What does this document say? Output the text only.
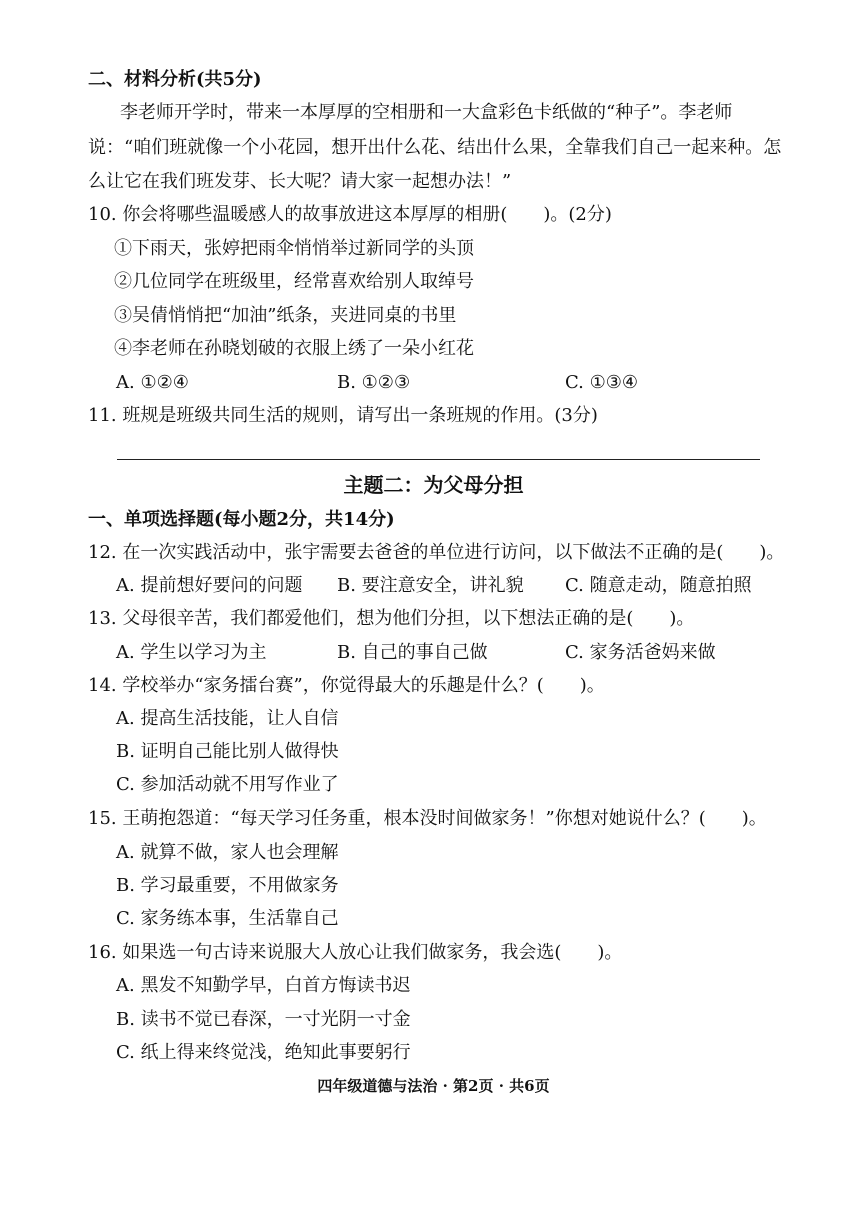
二、材料分析(共5分)
李老师开学时，带来一本厚厚的空相册和一大盒彩色卡纸做的“种子”。李老师
说：“咱们班就像一个小花园，想开出什么花、结出什么果，全靠我们自己一起来种。怎
么让它在我们班发芽、长大呢？请大家一起想办法！”
10. 你会将哪些温暖感人的故事放进这本厚厚的相册(　　)。(2分)
①下雨天，张婷把雨伞悄悄举过新同学的头顶
②几位同学在班级里，经常喜欢给别人取绰号
③吴倩悄悄把“加油”纸条，夹进同桌的书里
④李老师在孙晓划破的衣服上绣了一朵小红花
A. ①②④	B. ①②③	C. ①③④
11. 班规是班级共同生活的规则，请写出一条班规的作用。(3分)
主题二：为父母分担
一、单项选择题(每小题2分，共14分)
12. 在一次实践活动中，张宇需要去爸爸的单位进行访问，以下做法不正确的是(　　)。
A. 提前想好要问的问题 B. 要注意安全，讲礼貌 C. 随意走动，随意拍照
13. 父母很辛苦，我们都爱他们，想为他们分担，以下想法正确的是(　　)。
A. 学生以学习为主	B. 自己的事自己做	C. 家务活爸妈来做
14. 学校举办“家务擂台赛”，你觉得最大的乐趣是什么？(　　)。
A. 提高生活技能，让人自信
B. 证明自己能比别人做得快
C. 参加活动就不用写作业了
15. 王萌抱怨道：“每天学习任务重，根本没时间做家务！”你想对她说什么？(　　)。
A. 就算不做，家人也会理解
B. 学习最重要，不用做家务
C. 家务练本事，生活靠自己
16. 如果选一句古诗来说服大人放心让我们做家务，我会选(　　)。
A. 黑发不知勤学早，白首方悔读书迟
B. 读书不觉已春深，一寸光阴一寸金
C. 纸上得来终觉浅，绝知此事要躬行
四年级道德与法治 · 第2页 · 共6页
